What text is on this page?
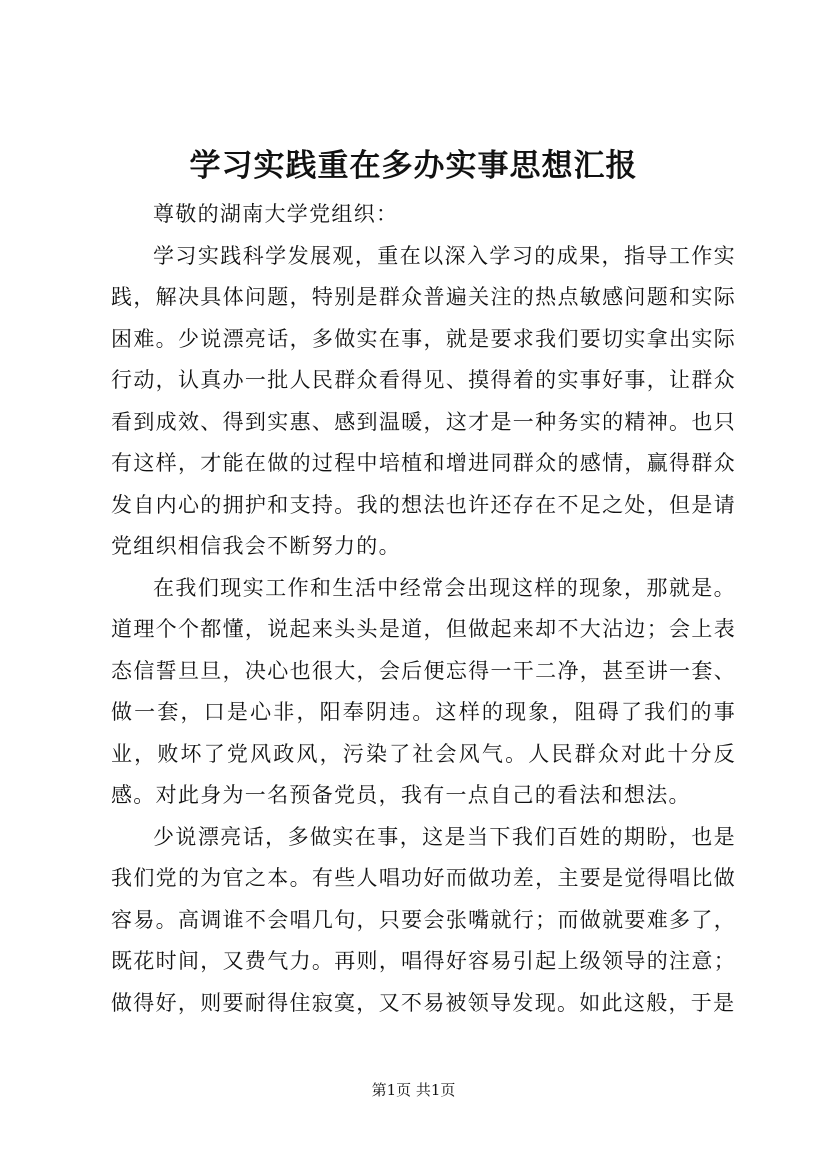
学习实践重在多办实事思想汇报

尊敬的湖南大学党组织：

学习实践科学发展观，重在以深入学习的成果，指导工作实践，解决具体问题，特别是群众普遍关注的热点敏感问题和实际困难。少说漂亮话，多做实在事，就是要求我们要切实拿出实际行动，认真办一批人民群众看得见、摸得着的实事好事，让群众看到成效、得到实惠、感到温暖，这才是一种务实的精神。也只有这样，才能在做的过程中培植和增进同群众的感情，赢得群众发自内心的拥护和支持。我的想法也许还存在不足之处，但是请党组织相信我会不断努力的。

在我们现实工作和生活中经常会出现这样的现象，那就是。道理个个都懂，说起来头头是道，但做起来却不大沾边；会上表态信誓旦旦，决心也很大，会后便忘得一干二净，甚至讲一套、做一套，口是心非，阳奉阴违。这样的现象，阻碍了我们的事业，败坏了党风政风，污染了社会风气。人民群众对此十分反感。对此身为一名预备党员，我有一点自己的看法和想法。

少说漂亮话，多做实在事，这是当下我们百姓的期盼，也是我们党的为官之本。有些人唱功好而做功差，主要是觉得唱比做容易。高调谁不会唱几句，只要会张嘴就行；而做就要难多了，既花时间，又费气力。再则，唱得好容易引起上级领导的注意；做得好，则要耐得住寂寞，又不易被领导发现。如此这般，于是

第1页 共1页
